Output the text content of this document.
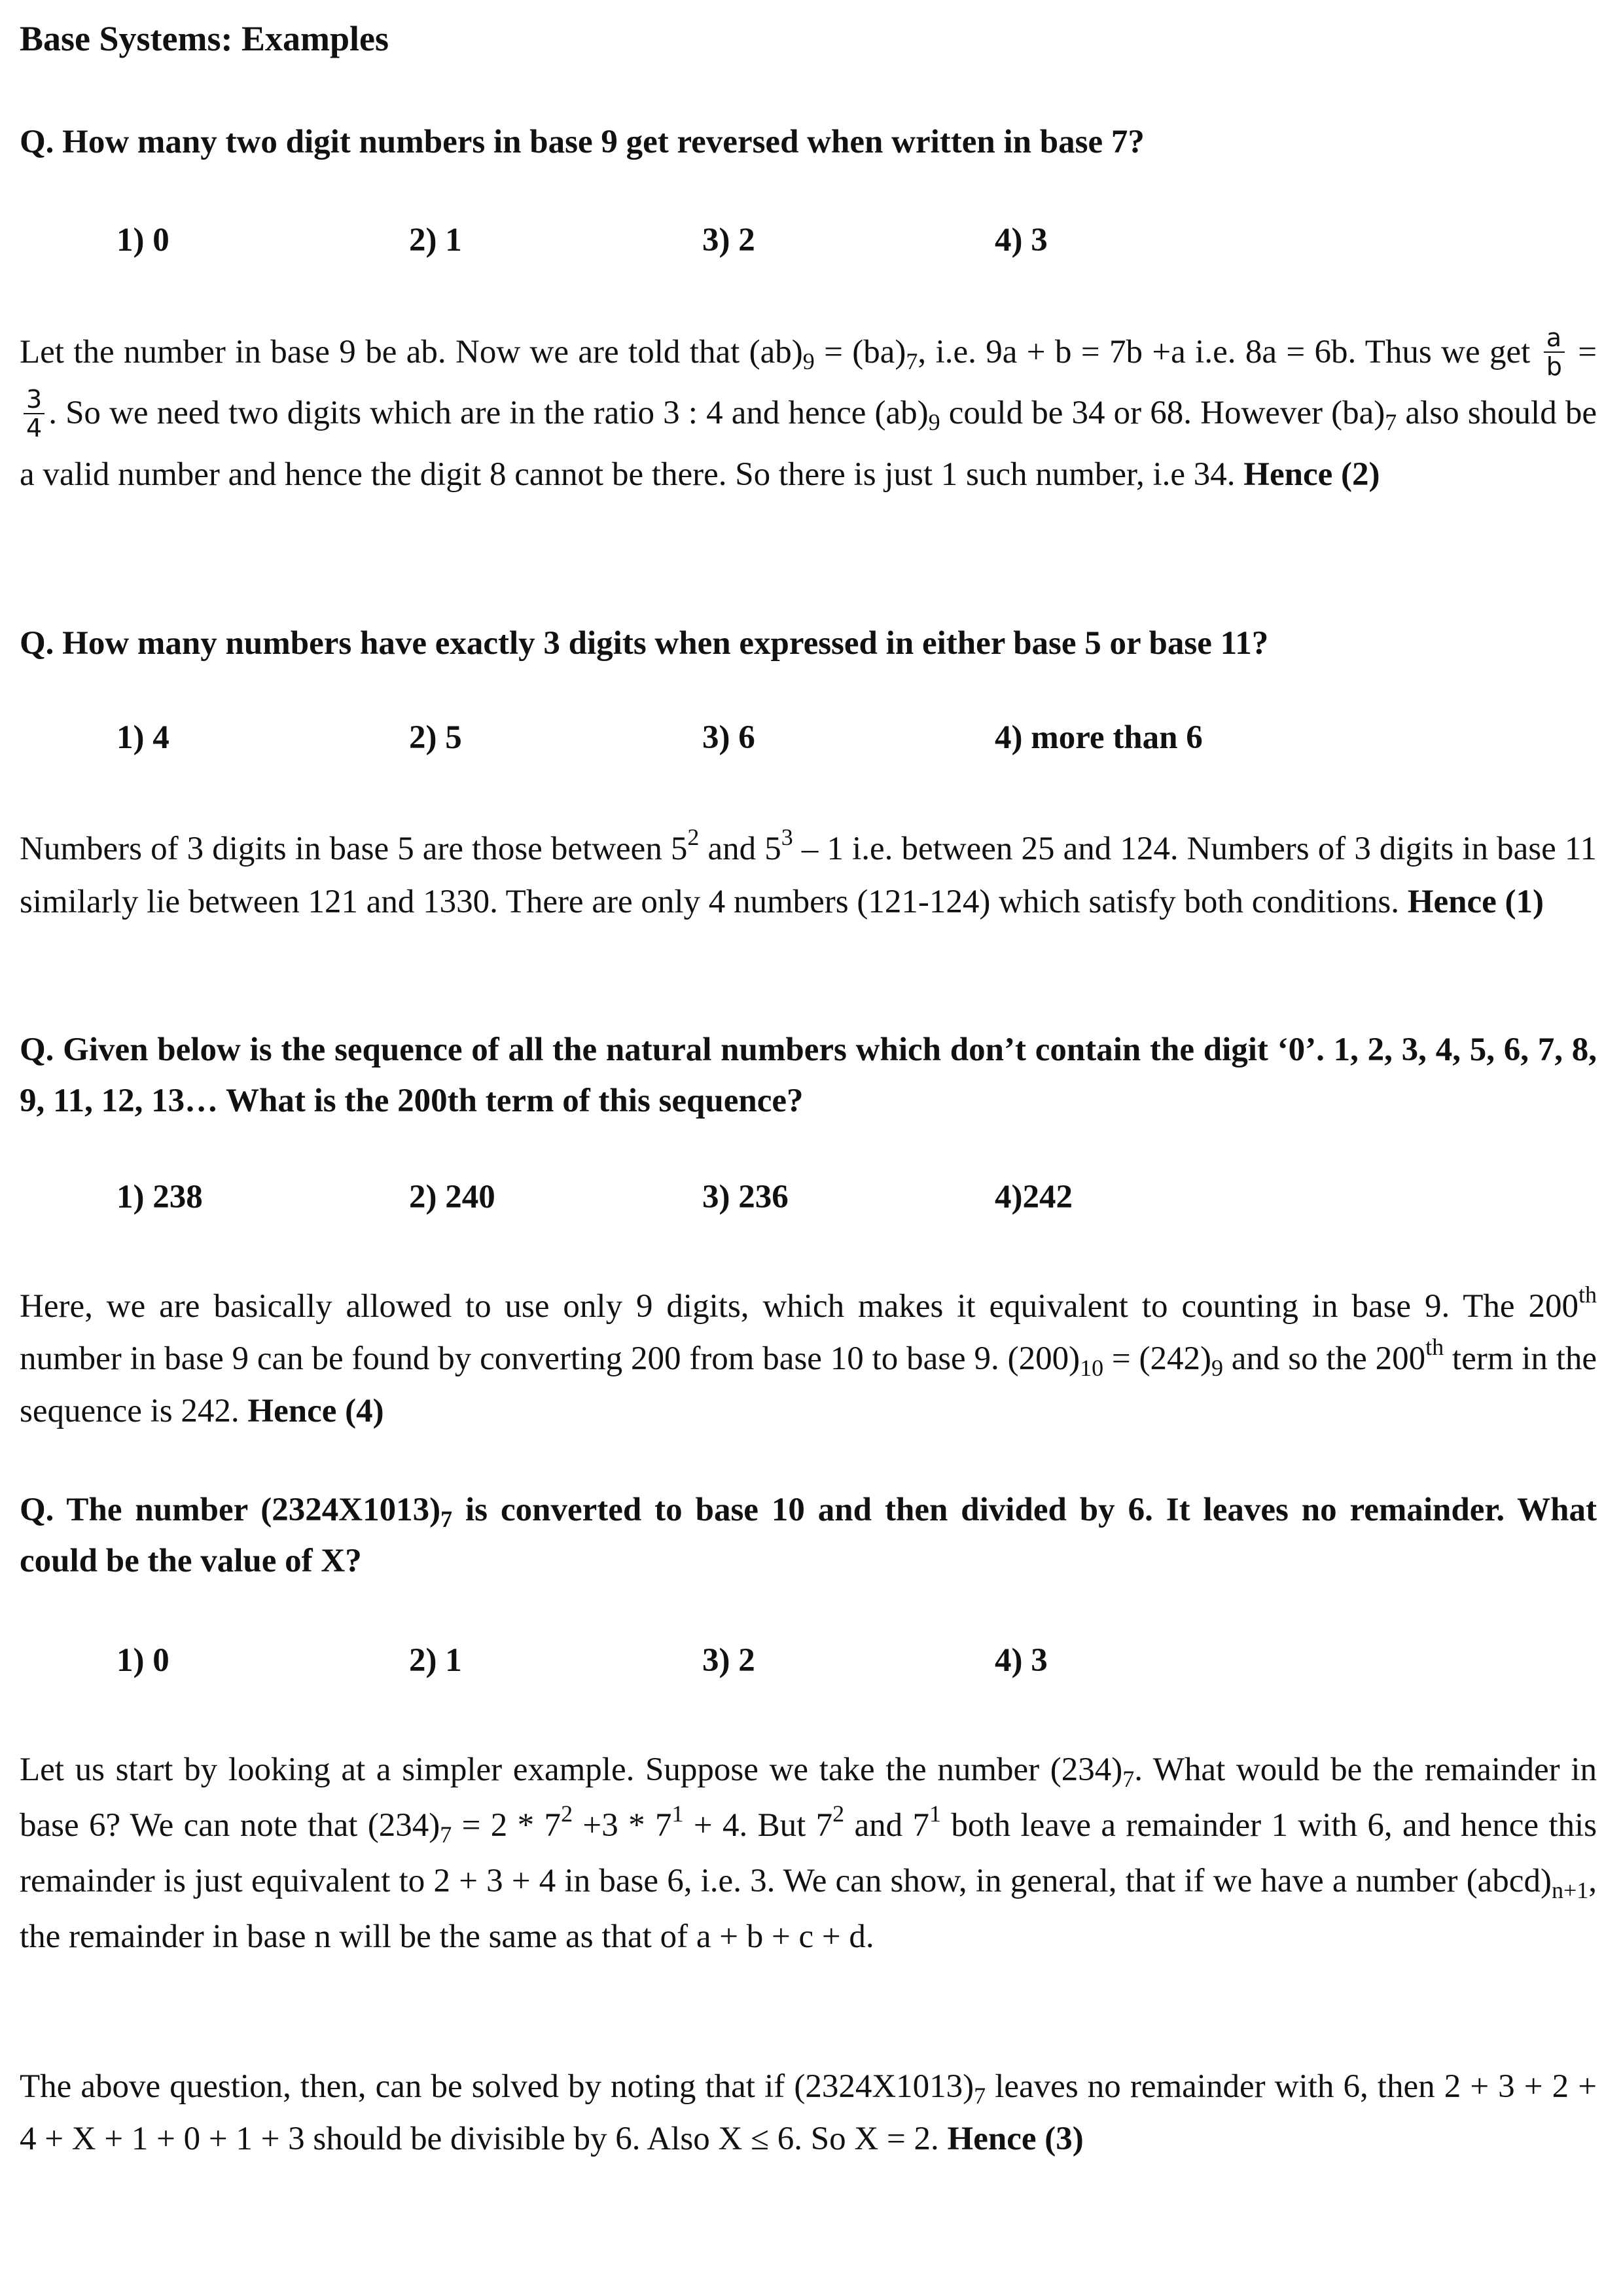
Base Systems: Examples
Q. How many two digit numbers in base 9 get reversed when written in base 7?
1) 0	2) 1	3) 2	4) 3
Let the number in base 9 be ab. Now we are told that $(ab)_9 = (ba)_7$, i.e. 9a + b = 7b +a i.e. 8a = 6b. Thus we get $\frac{a}{b}$ =
$\frac{3}{4}$ . So we need two digits which are in the ratio 3 : 4 and hence $(ab)_9$ could be 34 or 68. However $(ba)_7$ also should be a valid number and hence the digit 8 cannot be there. So there is just 1 such number, i.e 34. Hence (2)
Q. How many numbers have exactly 3 digits when expressed in either base 5 or base 11?
1) 4	2) 5	3) 6	4) more than 6
Numbers of 3 digits in base 5 are those between $5^2$ and $5^3 - 1$ i.e. between 25 and 124. Numbers of 3 digits in base 11 similarly lie between 121 and 1330. There are only 4 numbers (121-124) which satisfy both conditions. Hence (1)
Q. Given below is the sequence of all the natural numbers which don’t contain the digit ‘0’. 1, 2, 3, 4, 5, 6, 7, 8, 9, 11, 12, 13… What is the 200th term of this sequence?
1) 238	2) 240	3) 236	4)242
Here, we are basically allowed to use only 9 digits, which makes it equivalent to counting in base 9. The 200th number in base 9 can be found by converting 200 from base 10 to base 9. $(200)_{10} = (242)_9$ and so the 200th term in the sequence is 242. Hence (4)
Q. The number $(2324X1013)_7$ is converted to base 10 and then divided by 6. It leaves no remainder. What could be the value of X?
1) 0	2) 1	3) 2	4) 3
Let us start by looking at a simpler example. Suppose we take the number $(234)_7$. What would be the remainder in base 6? We can note that $(234)_7 = 2 * 7^2 +3 * 7^1 + 4$. But $7^2$ and $7^1$ both leave a remainder 1 with 6, and hence this remainder is just equivalent to 2 + 3 + 4 in base 6, i.e. 3. We can show, in general, that if we have a number $(abcd)_{n+1}$, the remainder in base n will be the same as that of a + b + c + d.
The above question, then, can be solved by noting that if $(2324X1013)_7$ leaves no remainder with 6, then 2 + 3 + 2 + 4 + X + 1 + 0 + 1 + 3 should be divisible by 6. Also X ≤ 6. So X = 2. Hence (3)
